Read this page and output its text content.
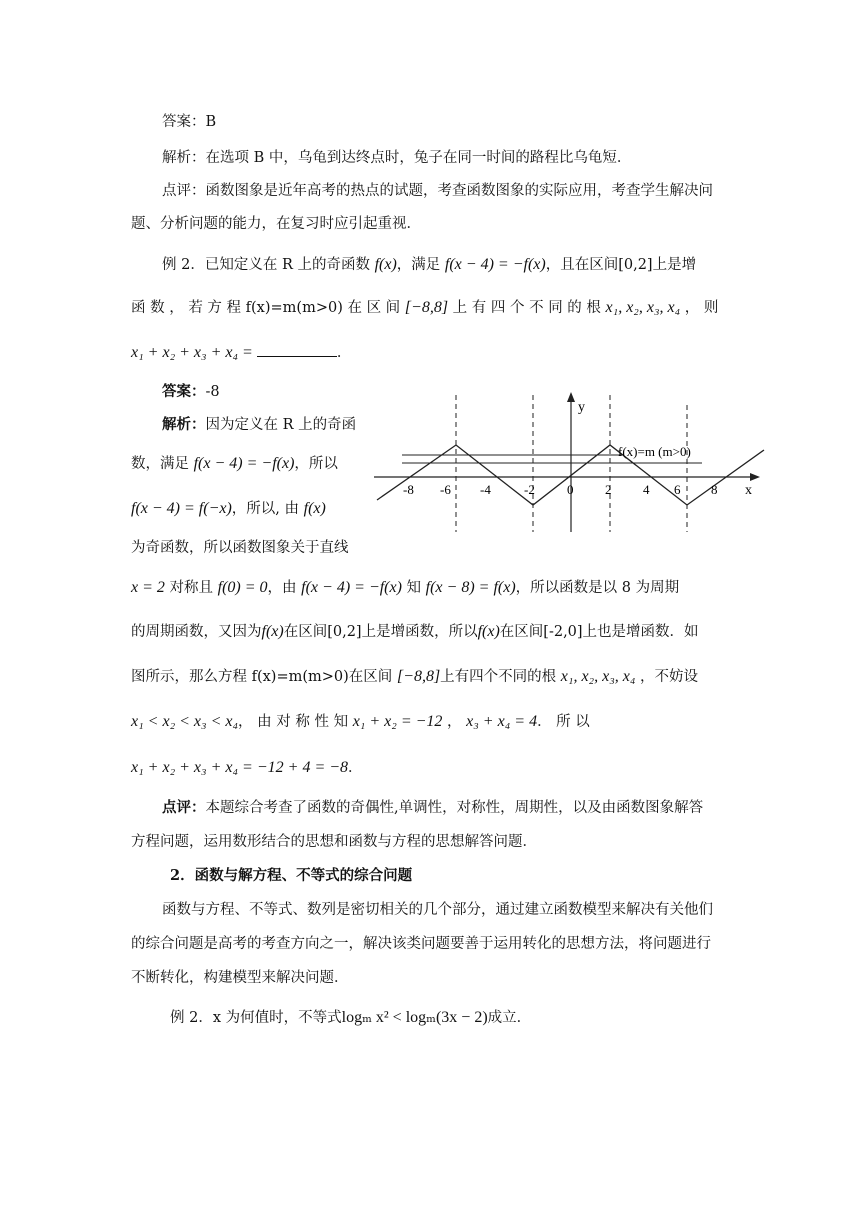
答案：B
解析：在选项 B 中，乌龟到达终点时，兔子在同一时间的路程比乌龟短．
点评：函数图象是近年高考的热点的试题，考查函数图象的实际应用，考查学生解决问
题、分析问题的能力，在复习时应引起重视．
例 2．已知定义在 R 上的奇函数 f(x)，满足 f(x − 4) = −f(x)，且在区间[0,2]上是增
函 数 ， 若 方 程 f(x)=m(m>0) 在 区 间 [−8,8] 上 有 四 个 不 同 的 根 x₁, x₂, x₃, x₄ ， 则
x₁ + x₂ + x₃ + x₄ =	．
答案：-8
解析：因为定义在 R 上的奇函
数，满足 f(x − 4) = −f(x)，所以
f(x − 4) = f(−x)，所以, 由 f(x)
为奇函数，所以函数图象关于直线
x = 2 对称且 f(0) = 0，由 f(x − 4) = −f(x) 知 f(x − 8) = f(x)，所以函数是以 8 为周期
的周期函数，又因为f(x)在区间[0,2]上是增函数，所以f(x)在区间[-2,0]上也是增函数．如
图所示，那么方程 f(x)=m(m>0)在区间 [−8,8]上有四个不同的根 x₁, x₂, x₃, x₄ ，不妨设
x₁ < x₂ < x₃ < x₄， 由 对 称 性 知 x₁ + x₂ = −12 ， x₃ + x₄ = 4． 所 以
x₁ + x₂ + x₃ + x₄ = −12 + 4 = −8．
点评：本题综合考查了函数的奇偶性,单调性，对称性，周期性，以及由函数图象解答
方程问题，运用数形结合的思想和函数与方程的思想解答问题．
2．函数与解方程、不等式的综合问题
函数与方程、不等式、数列是密切相关的几个部分，通过建立函数模型来解决有关他们
的综合问题是高考的考查方向之一，解决该类问题要善于运用转化的思想方法，将问题进行
不断转化，构建模型来解决问题．
例 2．x 为何值时，不等式logₘ x² < logₘ(3x − 2)成立．
y
x
f(x)=m (m>0)
-8 -6 -4	-2 0 2 4 6 8
